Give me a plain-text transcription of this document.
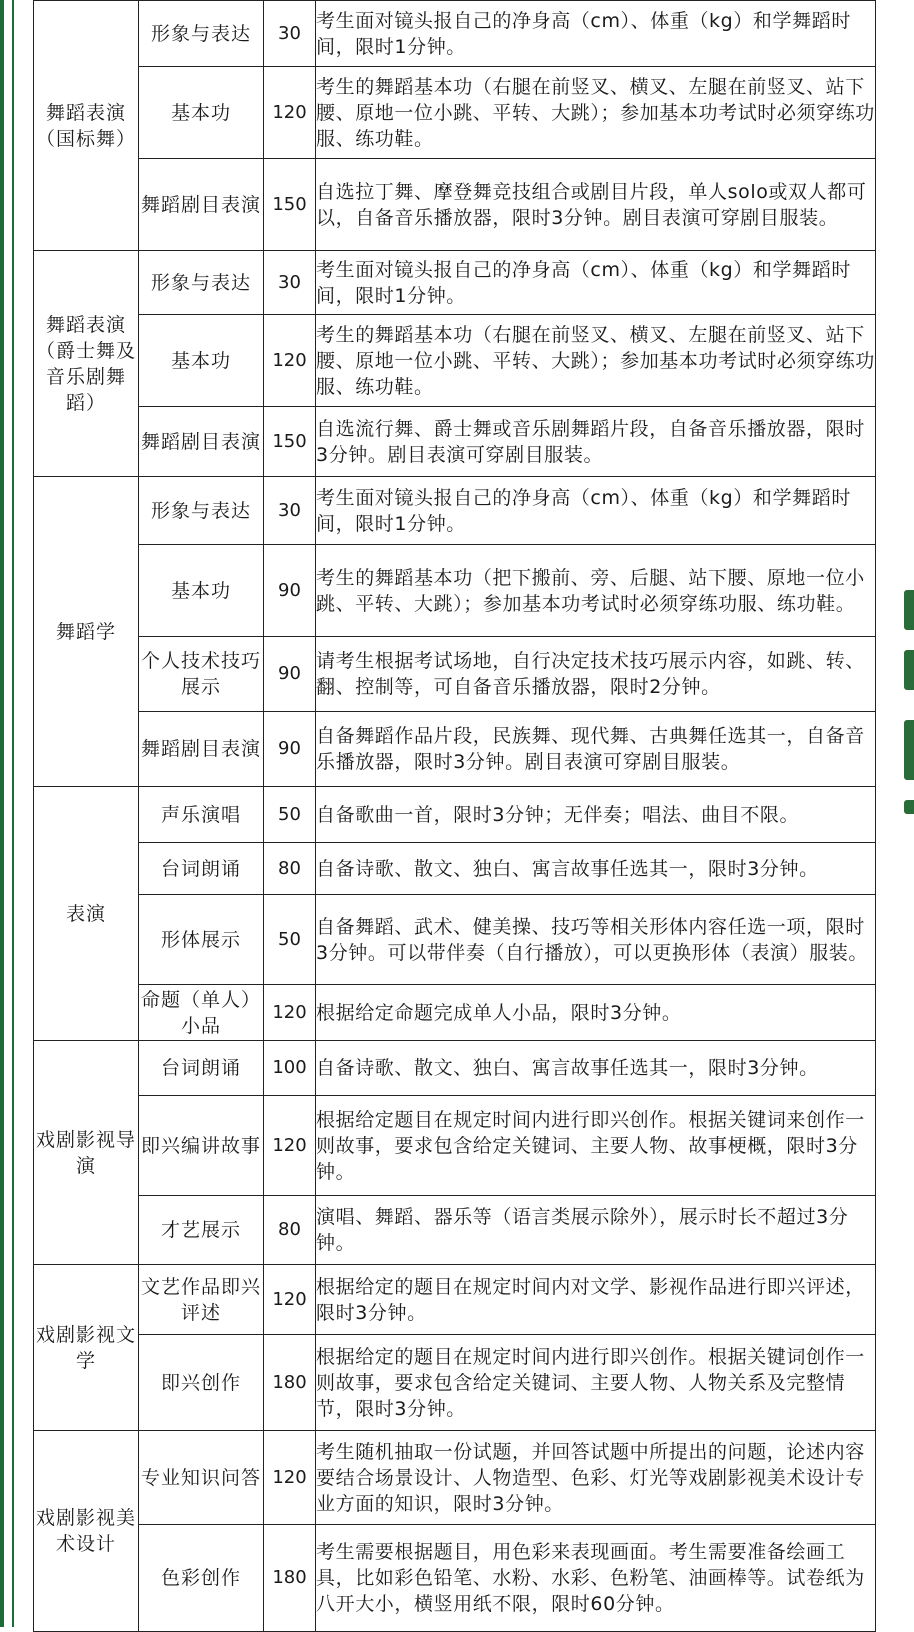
舞蹈表演（国标舞）	形象与表达	30	考生面对镜头报自己的净身高（cm）、体重（kg）和学舞蹈时间，限时1分钟。
	基本功	120	考生的舞蹈基本功（右腿在前竖叉、横叉、左腿在前竖叉、站下腰、原地一位小跳、平转、大跳）；参加基本功考试时必须穿练功服、练功鞋。
	舞蹈剧目表演	150	自选拉丁舞、摩登舞竞技组合或剧目片段，单人solo或双人都可以，自备音乐播放器，限时3分钟。剧目表演可穿剧目服装。
舞蹈表演（爵士舞及音乐剧舞蹈）	形象与表达	30	考生面对镜头报自己的净身高（cm）、体重（kg）和学舞蹈时间，限时1分钟。
	基本功	120	考生的舞蹈基本功（右腿在前竖叉、横叉、左腿在前竖叉、站下腰、原地一位小跳、平转、大跳）；参加基本功考试时必须穿练功服、练功鞋。
	舞蹈剧目表演	150	自选流行舞、爵士舞或音乐剧舞蹈片段，自备音乐播放器，限时3分钟。剧目表演可穿剧目服装。
舞蹈学	形象与表达	30	考生面对镜头报自己的净身高（cm）、体重（kg）和学舞蹈时间，限时1分钟。
	基本功	90	考生的舞蹈基本功（把下搬前、旁、后腿、站下腰、原地一位小跳、平转、大跳）；参加基本功考试时必须穿练功服、练功鞋。
	个人技术技巧展示	90	请考生根据考试场地，自行决定技术技巧展示内容，如跳、转、翻、控制等，可自备音乐播放器，限时2分钟。
	舞蹈剧目表演	90	自备舞蹈作品片段，民族舞、现代舞、古典舞任选其一，自备音乐播放器，限时3分钟。剧目表演可穿剧目服装。
表演	声乐演唱	50	自备歌曲一首，限时3分钟；无伴奏；唱法、曲目不限。
	台词朗诵	80	自备诗歌、散文、独白、寓言故事任选其一，限时3分钟。
	形体展示	50	自备舞蹈、武术、健美操、技巧等相关形体内容任选一项，限时3分钟。可以带伴奏（自行播放），可以更换形体（表演）服装。
	命题（单人）小品	120	根据给定命题完成单人小品，限时3分钟。
戏剧影视导演	台词朗诵	100	自备诗歌、散文、独白、寓言故事任选其一，限时3分钟。
	即兴编讲故事	120	根据给定题目在规定时间内进行即兴创作。根据关键词来创作一则故事，要求包含给定关键词、主要人物、故事梗概，限时3分钟。
	才艺展示	80	演唱、舞蹈、器乐等（语言类展示除外），展示时长不超过3分钟。
戏剧影视文学	文艺作品即兴评述	120	根据给定的题目在规定时间内对文学、影视作品进行即兴评述，限时3分钟。
	即兴创作	180	根据给定的题目在规定时间内进行即兴创作。根据关键词创作一则故事，要求包含给定关键词、主要人物、人物关系及完整情节，限时3分钟。
戏剧影视美术设计	专业知识问答	120	考生随机抽取一份试题，并回答试题中所提出的问题，论述内容要结合场景设计、人物造型、色彩、灯光等戏剧影视美术设计专业方面的知识，限时3分钟。
	色彩创作	180	考生需要根据题目，用色彩来表现画面。考生需要准备绘画工具，比如彩色铅笔、水粉、水彩、色粉笔、油画棒等。试卷纸为八开大小，横竖用纸不限，限时60分钟。
